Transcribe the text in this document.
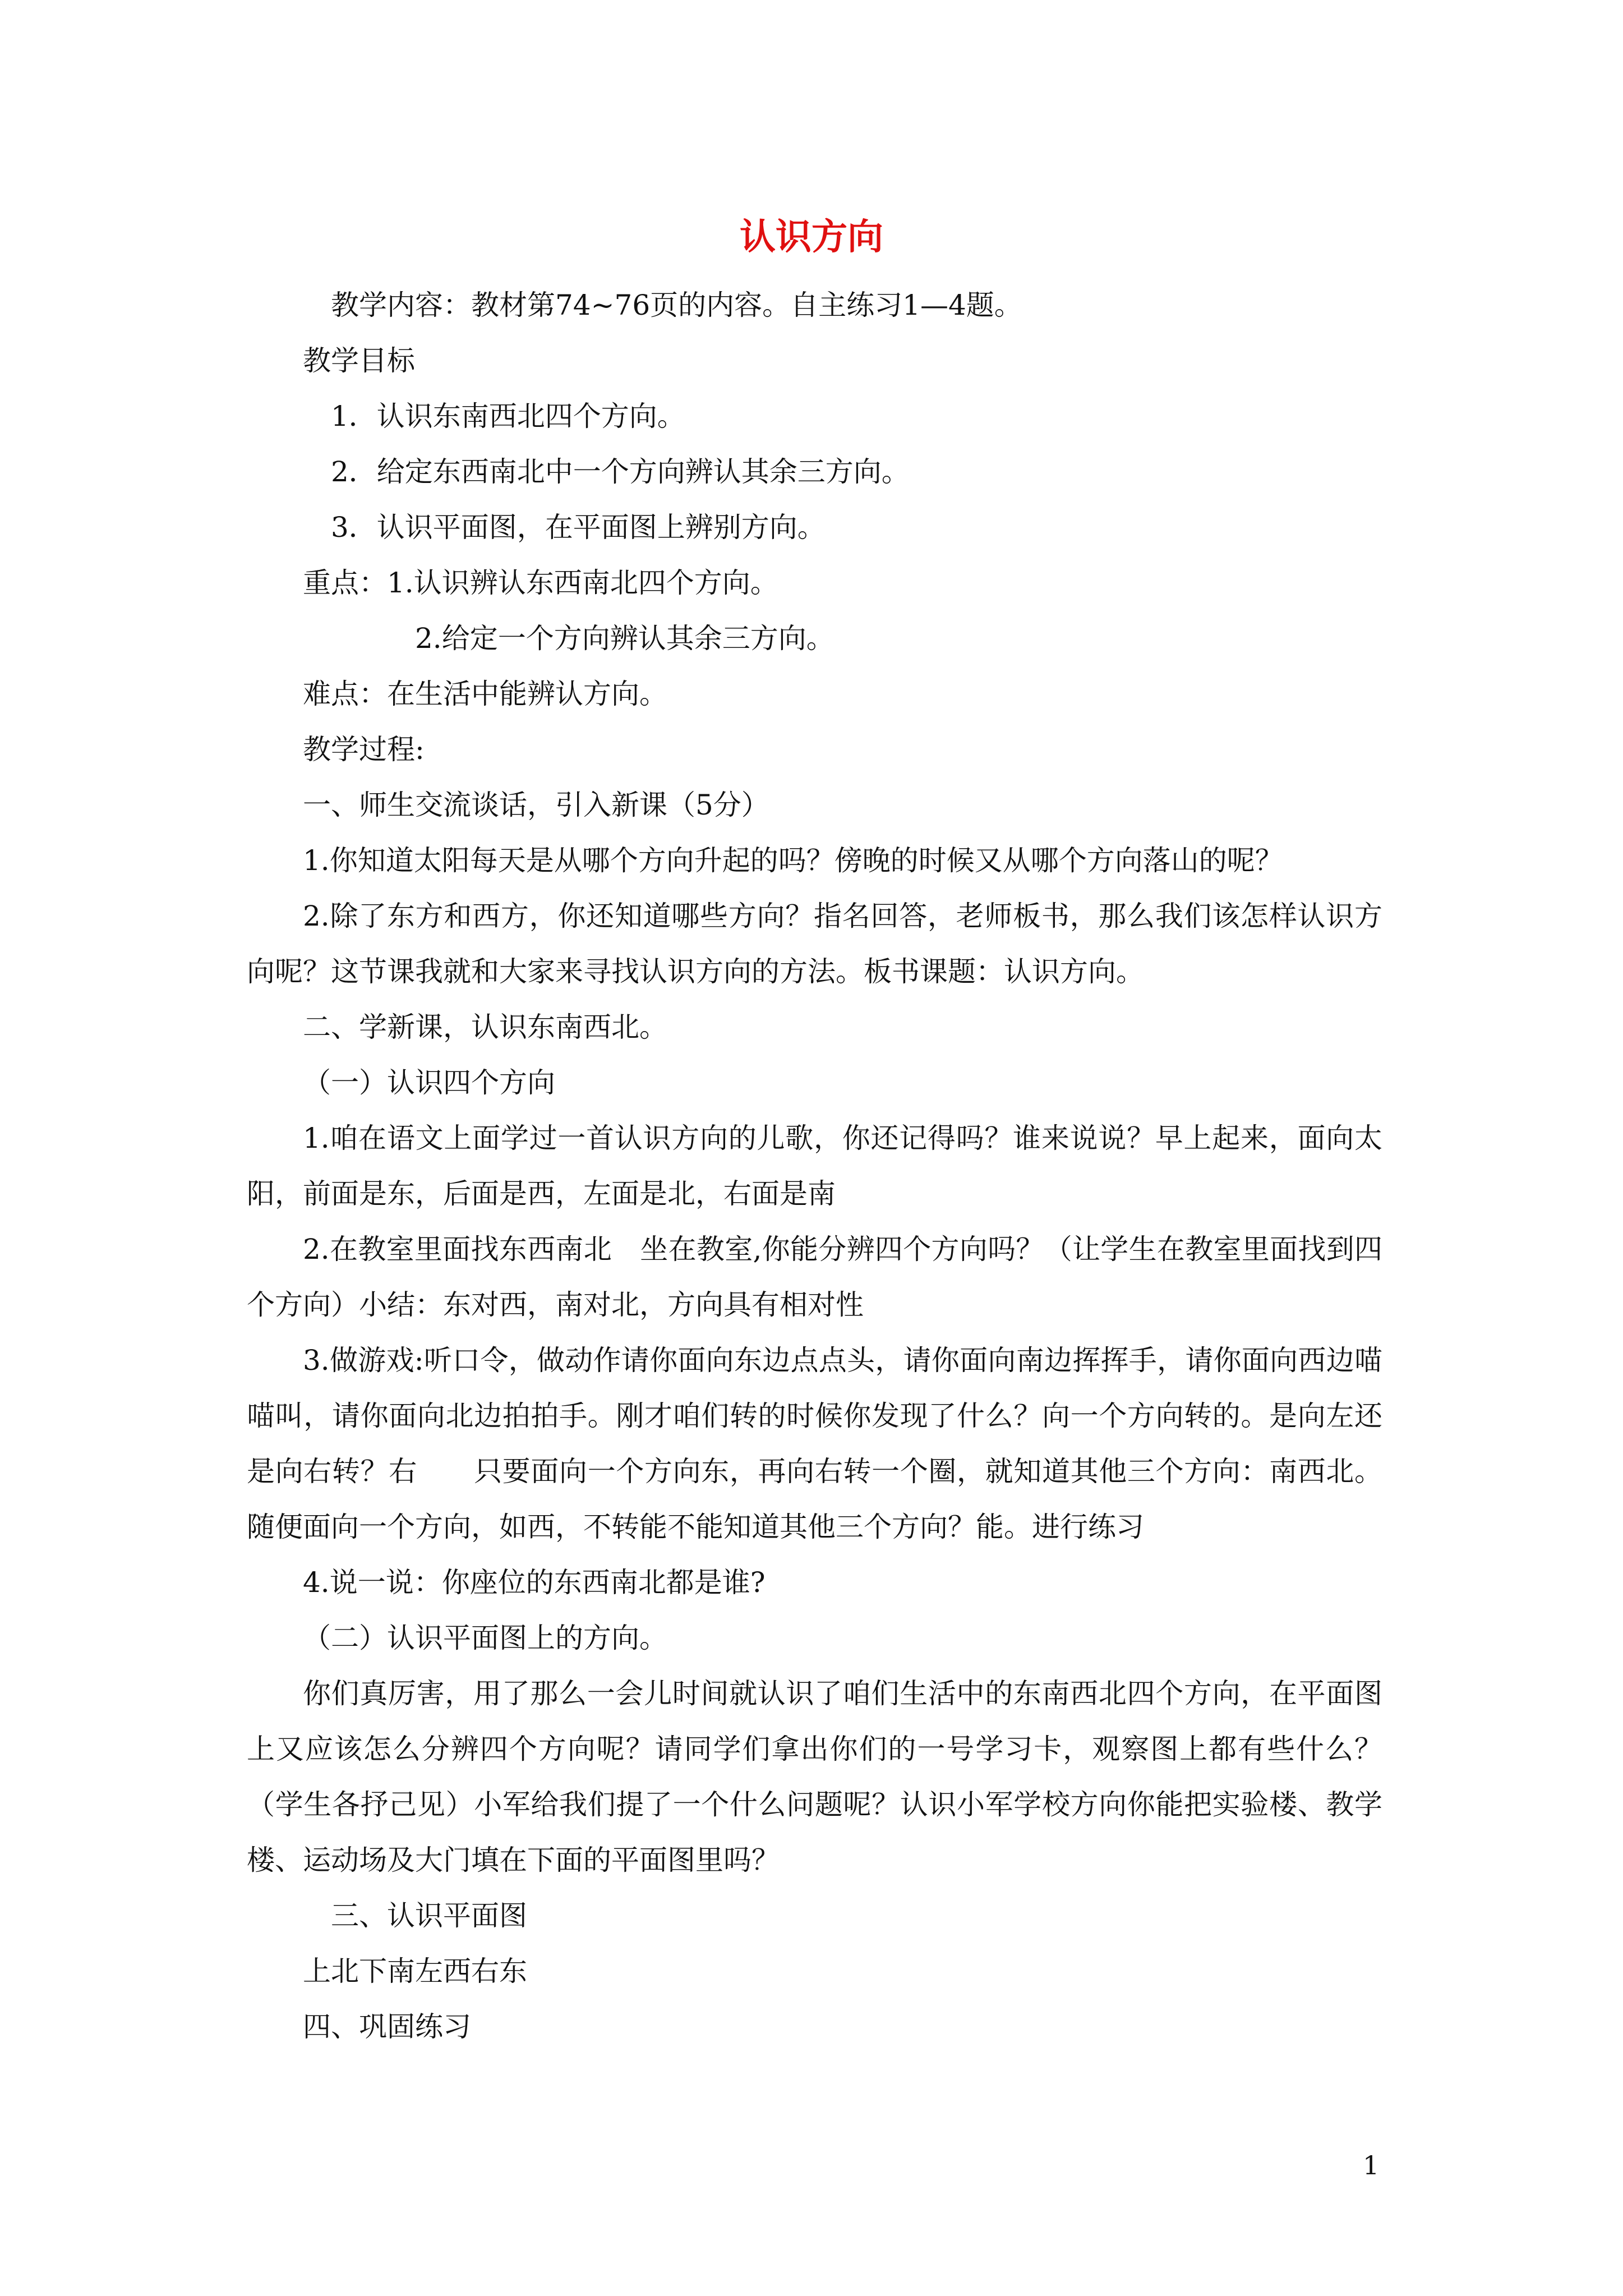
认识方向
教学内容：教材第74~76页的内容。自主练习1—4题。
教学目标
1．认识东南西北四个方向。
2．给定东西南北中一个方向辨认其余三方向。
3．认识平面图，在平面图上辨别方向。
重点：1.认识辨认东西南北四个方向。
2.给定一个方向辨认其余三方向。
难点：在生活中能辨认方向。
教学过程:
一、师生交流谈话，引入新课（5分）
1.你知道太阳每天是从哪个方向升起的吗？傍晚的时候又从哪个方向落山的呢？
2.除了东方和西方，你还知道哪些方向？指名回答，老师板书，那么我们该怎样认识方向呢？这节课我就和大家来寻找认识方向的方法。板书课题：认识方向。
二、学新课，认识东南西北。
（一）认识四个方向
1.咱在语文上面学过一首认识方向的儿歌，你还记得吗？谁来说说？早上起来，面向太阳，前面是东，后面是西，左面是北，右面是南
2.在教室里面找东西南北　坐在教室,你能分辨四个方向吗？（让学生在教室里面找到四个方向）小结：东对西，南对北，方向具有相对性
3.做游戏:听口令，做动作请你面向东边点点头，请你面向南边挥挥手，请你面向西边喵喵叫，请你面向北边拍拍手。刚才咱们转的时候你发现了什么？向一个方向转的。是向左还是向右转？右　　只要面向一个方向东，再向右转一个圈，就知道其他三个方向：南西北。随便面向一个方向，如西，不转能不能知道其他三个方向？能。进行练习
4.说一说：你座位的东西南北都是谁?
（二）认识平面图上的方向。
你们真厉害，用了那么一会儿时间就认识了咱们生活中的东南西北四个方向，在平面图上又应该怎么分辨四个方向呢？请同学们拿出你们的一号学习卡，观察图上都有些什么？（学生各抒己见）小军给我们提了一个什么问题呢？认识小军学校方向你能把实验楼、教学楼、运动场及大门填在下面的平面图里吗？
三、认识平面图
上北下南左西右东
四、巩固练习
1
